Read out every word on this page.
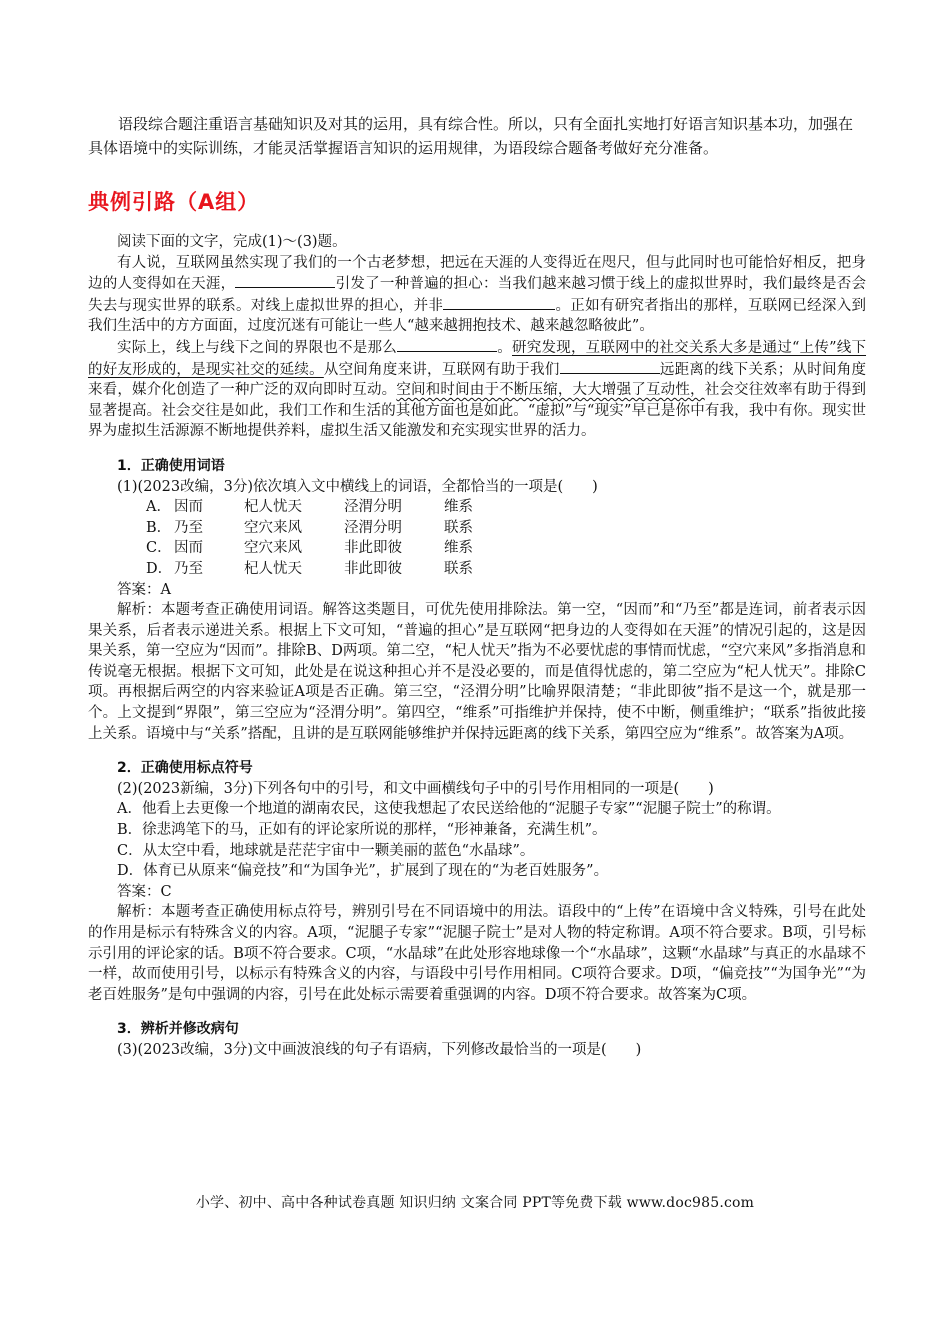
语段综合题注重语言基础知识及对其的运用，具有综合性。所以，只有全面扎实地打好语言知识基本功，加强在具体语境中的实际训练，才能灵活掌握语言知识的运用规律，为语段综合题备考做好充分准备。

典例引路（A组）

阅读下面的文字，完成(1)～(3)题。

有人说，互联网虽然实现了我们的一个古老梦想，把远在天涯的人变得近在咫尺，但与此同时也可能恰好相反，把身边的人变得如在天涯，	引发了一种普遍的担心：当我们越来越习惯于线上的虚拟世界时，我们最终是否会失去与现实世界的联系。对线上虚拟世界的担心，并非	。正如有研究者指出的那样，互联网已经深入到我们生活中的方方面面，过度沉迷有可能让一些人“越来越拥抱技术、越来越忽略彼此”。

实际上，线上与线下之间的界限也不是那么	。研究发现，互联网中的社交关系大多是通过“上传”线下的好友形成的，是现实社交的延续。从空间角度来讲，互联网有助于我们	远距离的线下关系；从时间角度来看，媒介化创造了一种广泛的双向即时互动。空间和时间由于不断压缩，大大增强了互动性，社会交往效率有助于得到显著提高。社会交往是如此，我们工作和生活的其他方面也是如此。“虚拟”与“现实”早已是你中有我，我中有你。现实世界为虚拟生活源源不断地提供养料，虚拟生活又能激发和充实现实世界的活力。

1．正确使用词语

(1)(2023改编，3分)依次填入文中横线上的词语，全都恰当的一项是(　　)

A． 因而	杞人忧天	泾渭分明	维系

B． 乃至	空穴来风	泾渭分明	联系

C． 因而	空穴来风	非此即彼	维系

D． 乃至	杞人忧天	非此即彼	联系

答案：A

解析：本题考查正确使用词语。解答这类题目，可优先使用排除法。第一空，“因而”和“乃至”都是连词，前者表示因果关系，后者表示递进关系。根据上下文可知，“普遍的担心”是互联网“把身边的人变得如在天涯”的情况引起的，这是因果关系，第一空应为“因而”。排除B、D两项。第二空，“杞人忧天”指为不必要忧虑的事情而忧虑，“空穴来风”多指消息和传说毫无根据。根据下文可知，此处是在说这种担心并不是没必要的，而是值得忧虑的，第二空应为“杞人忧天”。排除C项。再根据后两空的内容来验证A项是否正确。第三空，“泾渭分明”比喻界限清楚；“非此即彼”指不是这一个，就是那一个。上文提到“界限”，第三空应为“泾渭分明”。第四空，“维系”可指维护并保持，使不中断，侧重维护；“联系”指彼此接上关系。语境中与“关系”搭配，且讲的是互联网能够维护并保持远距离的线下关系，第四空应为“维系”。故答案为A项。

2．正确使用标点符号

(2)(2023新编，3分)下列各句中的引号，和文中画横线句子中的引号作用相同的一项是(　　)

A．他看上去更像一个地道的湖南农民，这使我想起了农民送给他的“泥腿子专家”“泥腿子院士”的称谓。

B．徐悲鸿笔下的马，正如有的评论家所说的那样，“形神兼备，充满生机”。

C．从太空中看，地球就是茫茫宇宙中一颗美丽的蓝色“水晶球”。

D．体育已从原来“偏竞技”和“为国争光”，扩展到了现在的“为老百姓服务”。

答案：C

解析：本题考查正确使用标点符号，辨别引号在不同语境中的用法。语段中的“上传”在语境中含义特殊，引号在此处的作用是标示有特殊含义的内容。A项，“泥腿子专家”“泥腿子院士”是对人物的特定称谓。A项不符合要求。B项，引号标示引用的评论家的话。B项不符合要求。C项，“水晶球”在此处形容地球像一个“水晶球”，这颗“水晶球”与真正的水晶球不一样，故而使用引号，以标示有特殊含义的内容，与语段中引号作用相同。C项符合要求。D项，“偏竞技”“为国争光”“为老百姓服务”是句中强调的内容，引号在此处标示需要着重强调的内容。D项不符合要求。故答案为C项。

3．辨析并修改病句

(3)(2023改编，3分)文中画波浪线的句子有语病，下列修改最恰当的一项是(　　)

小学、初中、高中各种试卷真题 知识归纳 文案合同 PPT等免费下载 www.doc985.com
